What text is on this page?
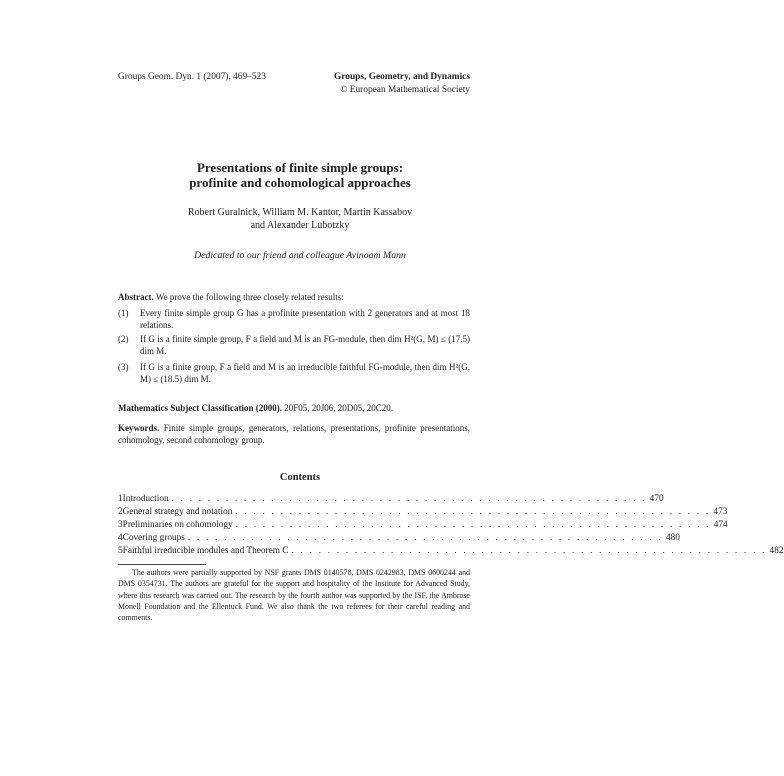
Groups Geom. Dyn. 1 (2007), 469–523	Groups, Geometry, and Dynamics
© European Mathematical Society
Presentations of finite simple groups:
profinite and cohomological approaches
Robert Guralnick, William M. Kantor, Martin Kassabov
and Alexander Lubotzky
Dedicated to our friend and colleague Avinoam Mann
Abstract. We prove the following three closely related results:
(1) Every finite simple group G has a profinite presentation with 2 generators and at most 18 relations.
(2) If G is a finite simple group, F a field and M is an FG-module, then dim H²(G, M) ≤ (17.5) dim M.
(3) If G is a finite group, F a field and M is an irreducible faithful FG-module, then dim H²(G, M) ≤ (18.5) dim M.
Mathematics Subject Classification (2000). 20F05, 20J06, 20D05, 20C20.
Keywords. Finite simple groups, generators, relations, presentations, profinite presentations, cohomology, second cohomology group.
Contents
1 Introduction . . . . . . . . . . . . . . . . . . . . . . . . . . . . . . . . . . . . . . . . . . . . . . . . . . . . . 470
2 General strategy and notation . . . . . . . . . . . . . . . . . . . . . . . . . . . . . . . . . . . . . . . . . . . . . . . . . . . . . 473
3 Preliminaries on cohomology . . . . . . . . . . . . . . . . . . . . . . . . . . . . . . . . . . . . . . . . . . . . . . . . . . . . . 474
4 Covering groups . . . . . . . . . . . . . . . . . . . . . . . . . . . . . . . . . . . . . . . . . . . . . . . . . . . . . 480
5 Faithful irreducible modules and Theorem C . . . . . . . . . . . . . . . . . . . . . . . . . . . . . . . . . . . . . . . . . . . . . . . . . . . . . 482
The authors were partially supported by NSF grants DMS 0140578, DMS 0242983, DMS 0600244 and DMS 0354731. The authors are grateful for the support and hospitality of the Institute for Advanced Study, where this research was carried out. The research by the fourth author was supported by the ISF, the Ambrose Monell Foundation and the Ellentuck Fund. We also thank the two referees for their careful reading and comments.
